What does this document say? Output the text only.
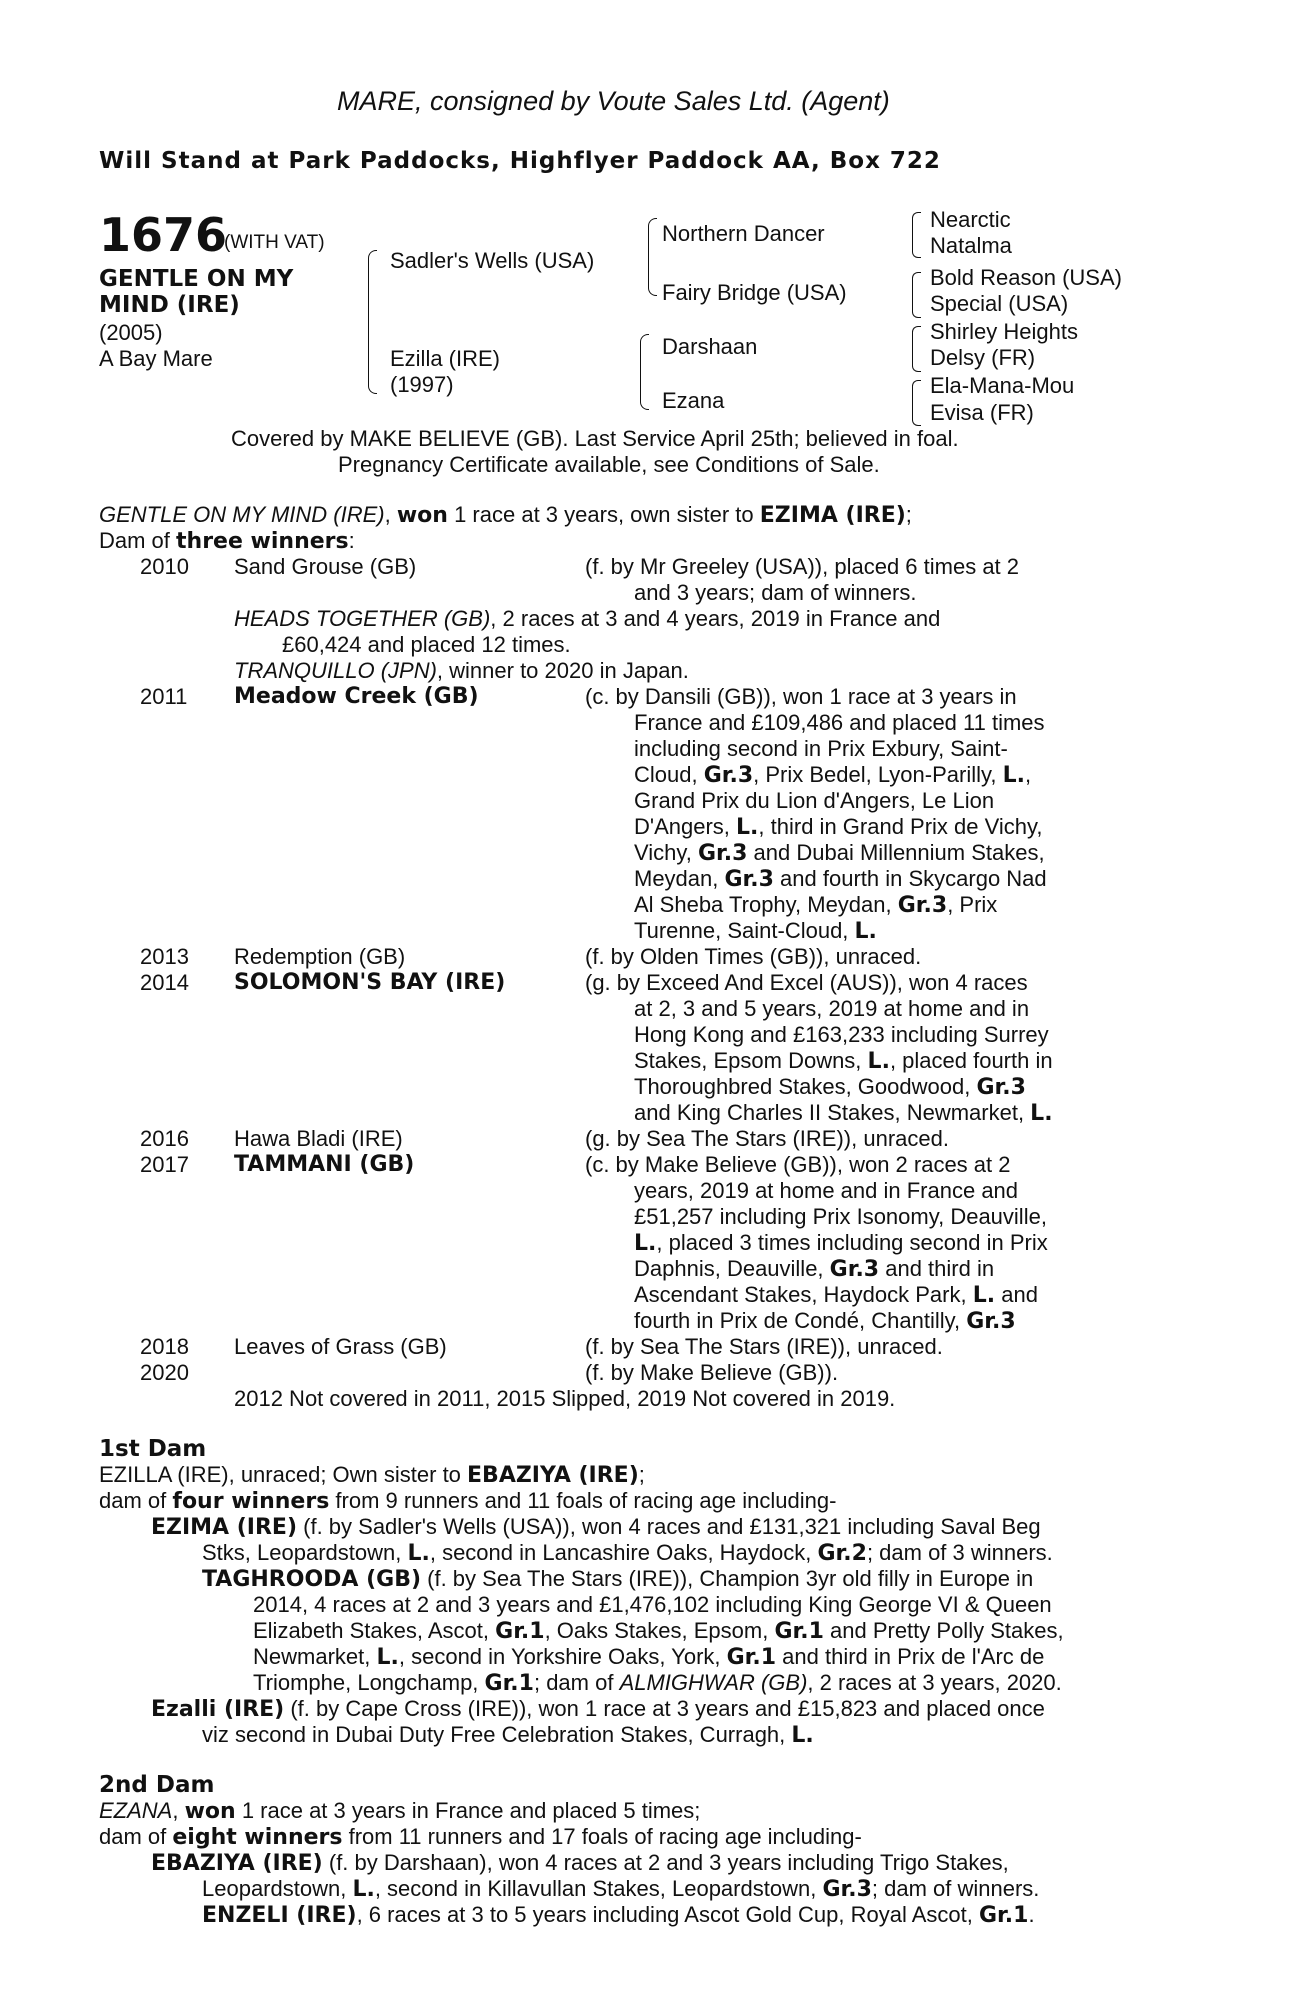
MARE, consigned by Voute Sales Ltd. (Agent)
Will Stand at Park Paddocks, Highflyer Paddock AA, Box 722
1676
(WITH VAT)
GENTLE ON MY
MIND (IRE)
(2005)
A Bay Mare
Sadler's Wells (USA)
Ezilla (IRE)
(1997)
Northern Dancer
Fairy Bridge (USA)
Darshaan
Ezana
Nearctic
Natalma
Bold Reason (USA)
Special (USA)
Shirley Heights
Delsy (FR)
Ela-Mana-Mou
Evisa (FR)
Covered by MAKE BELIEVE (GB). Last Service April 25th; believed in foal.
Pregnancy Certificate available, see Conditions of Sale.
GENTLE ON MY MIND (IRE), won 1 race at 3 years, own sister to EZIMA (IRE);
Dam of three winners:
2010 Sand Grouse (GB)	(f. by Mr Greeley (USA)), placed 6 times at 2
and 3 years; dam of winners.
HEADS TOGETHER (GB), 2 races at 3 and 4 years, 2019 in France and
£60,424 and placed 12 times.
TRANQUILLO (JPN), winner to 2020 in Japan.
2011 Meadow Creek (GB)	(c. by Dansili (GB)), won 1 race at 3 years in
France and £109,486 and placed 11 times
including second in Prix Exbury, Saint-
Cloud, Gr.3, Prix Bedel, Lyon-Parilly, L.,
Grand Prix du Lion d'Angers, Le Lion
D'Angers, L., third in Grand Prix de Vichy,
Vichy, Gr.3 and Dubai Millennium Stakes,
Meydan, Gr.3 and fourth in Skycargo Nad
Al Sheba Trophy, Meydan, Gr.3, Prix
Turenne, Saint-Cloud, L.
2013 Redemption (GB)	(f. by Olden Times (GB)), unraced.
2014 SOLOMON'S BAY (IRE)	(g. by Exceed And Excel (AUS)), won 4 races
at 2, 3 and 5 years, 2019 at home and in
Hong Kong and £163,233 including Surrey
Stakes, Epsom Downs, L., placed fourth in
Thoroughbred Stakes, Goodwood, Gr.3
and King Charles II Stakes, Newmarket, L.
2016 Hawa Bladi (IRE)	(g. by Sea The Stars (IRE)), unraced.
2017 TAMMANI (GB)	(c. by Make Believe (GB)), won 2 races at 2
years, 2019 at home and in France and
£51,257 including Prix Isonomy, Deauville,
L., placed 3 times including second in Prix
Daphnis, Deauville, Gr.3 and third in
Ascendant Stakes, Haydock Park, L. and
fourth in Prix de Condé, Chantilly, Gr.3
2018 Leaves of Grass (GB)	(f. by Sea The Stars (IRE)), unraced.
2020	(f. by Make Believe (GB)).
2012 Not covered in 2011, 2015 Slipped, 2019 Not covered in 2019.
1st Dam
EZILLA (IRE), unraced; Own sister to EBAZIYA (IRE);
dam of four winners from 9 runners and 11 foals of racing age including-
EZIMA (IRE) (f. by Sadler's Wells (USA)), won 4 races and £131,321 including Saval Beg
Stks, Leopardstown, L., second in Lancashire Oaks, Haydock, Gr.2; dam of 3 winners.
TAGHROODA (GB) (f. by Sea The Stars (IRE)), Champion 3yr old filly in Europe in
2014, 4 races at 2 and 3 years and £1,476,102 including King George VI & Queen
Elizabeth Stakes, Ascot, Gr.1, Oaks Stakes, Epsom, Gr.1 and Pretty Polly Stakes,
Newmarket, L., second in Yorkshire Oaks, York, Gr.1 and third in Prix de l'Arc de
Triomphe, Longchamp, Gr.1; dam of ALMIGHWAR (GB), 2 races at 3 years, 2020.
Ezalli (IRE) (f. by Cape Cross (IRE)), won 1 race at 3 years and £15,823 and placed once
viz second in Dubai Duty Free Celebration Stakes, Curragh, L.
2nd Dam
EZANA, won 1 race at 3 years in France and placed 5 times;
dam of eight winners from 11 runners and 17 foals of racing age including-
EBAZIYA (IRE) (f. by Darshaan), won 4 races at 2 and 3 years including Trigo Stakes,
Leopardstown, L., second in Killavullan Stakes, Leopardstown, Gr.3; dam of winners.
ENZELI (IRE), 6 races at 3 to 5 years including Ascot Gold Cup, Royal Ascot, Gr.1.
